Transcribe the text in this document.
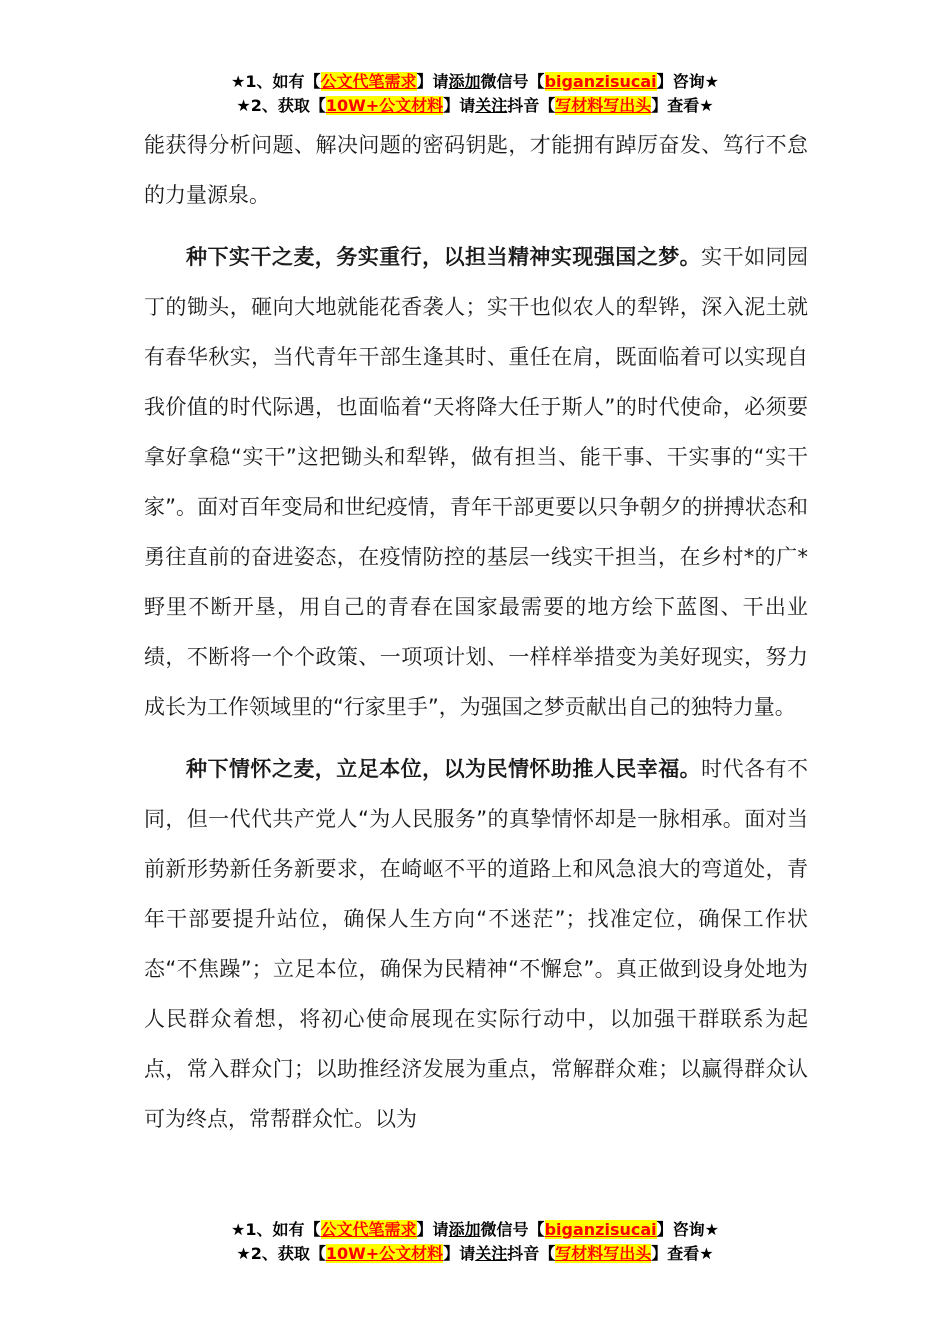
★1、如有【公文代笔需求】请添加微信号【biganzisucai】咨询★
★2、获取【10W+公文材料】请关注抖音【写材料写出头】查看★

能获得分析问题、解决问题的密码钥匙，才能拥有踔厉奋发、笃行不怠的力量源泉。

种下实干之麦，务实重行，以担当精神实现强国之梦。实干如同园丁的锄头，砸向大地就能花香袭人；实干也似农人的犁铧，深入泥土就有春华秋实，当代青年干部生逢其时、重任在肩，既面临着可以实现自我价值的时代际遇，也面临着“天将降大任于斯人”的时代使命，必须要拿好拿稳“实干”这把锄头和犁铧，做有担当、能干事、干实事的“实干家”。面对百年变局和世纪疫情，青年干部更要以只争朝夕的拼搏状态和勇往直前的奋进姿态，在疫情防控的基层一线实干担当，在乡村*的广*野里不断开垦，用自己的青春在国家最需要的地方绘下蓝图、干出业绩，不断将一个个政策、一项项计划、一样样举措变为美好现实，努力成长为工作领域里的“行家里手”，为强国之梦贡献出自己的独特力量。

种下情怀之麦，立足本位，以为民情怀助推人民幸福。时代各有不同，但一代代共产党人“为人民服务”的真挚情怀却是一脉相承。面对当前新形势新任务新要求，在崎岖不平的道路上和风急浪大的弯道处，青年干部要提升站位，确保人生方向“不迷茫”；找准定位，确保工作状态“不焦躁”；立足本位，确保为民精神“不懈怠”。真正做到设身处地为人民群众着想，将初心使命展现在实际行动中，以加强干群联系为起点，常入群众门；以助推经济发展为重点，常解群众难；以赢得群众认可为终点，常帮群众忙。以为

★1、如有【公文代笔需求】请添加微信号【biganzisucai】咨询★
★2、获取【10W+公文材料】请关注抖音【写材料写出头】查看★
